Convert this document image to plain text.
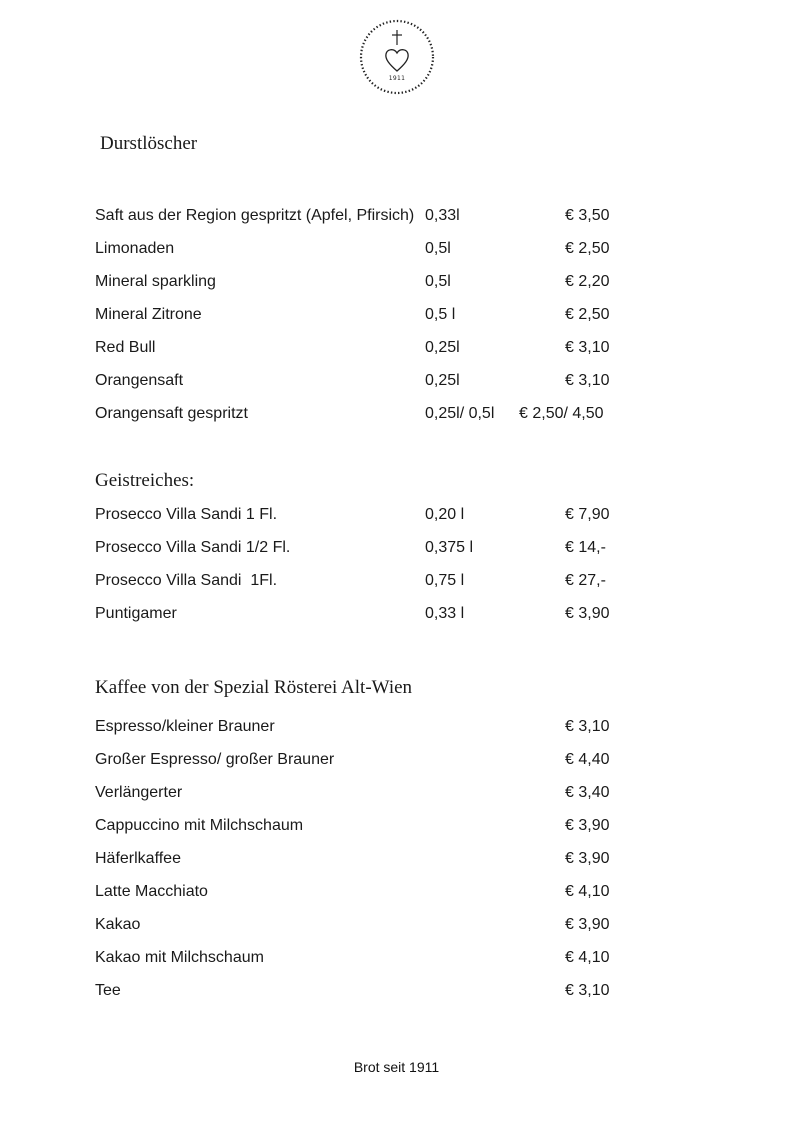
1911
Durstlöscher
Saft aus der Region gespritzt (Apfel, Pfirsich) 0,33l	€ 3,50
Limonaden	0,5l	€ 2,50
Mineral sparkling	0,5l	€ 2,20
Mineral Zitrone	0,5 l	€ 2,50
Red Bull	0,25l	€ 3,10
Orangensaft	0,25l	€ 3,10
Orangensaft gespritzt	0,25l/ 0,5l € 2,50/ 4,50
Geistreiches:
Prosecco Villa Sandi 1 Fl.	0,20 l	€ 7,90
Prosecco Villa Sandi 1/2 Fl.	0,375 l	€ 14,-
Prosecco Villa Sandi  1Fl.	0,75 l	€ 27,-
Puntigamer	0,33 l	€ 3,90
Kaffee von der Spezial Rösterei Alt-Wien
Espresso/kleiner Brauner	€ 3,10
Großer Espresso/ großer Brauner	€ 4,40
Verlängerter	€ 3,40
Cappuccino mit Milchschaum	€ 3,90
Häferlkaffee	€ 3,90
Latte Macchiato	€ 4,10
Kakao	€ 3,90
Kakao mit Milchschaum	€ 4,10
Tee	€ 3,10
Brot seit 1911
